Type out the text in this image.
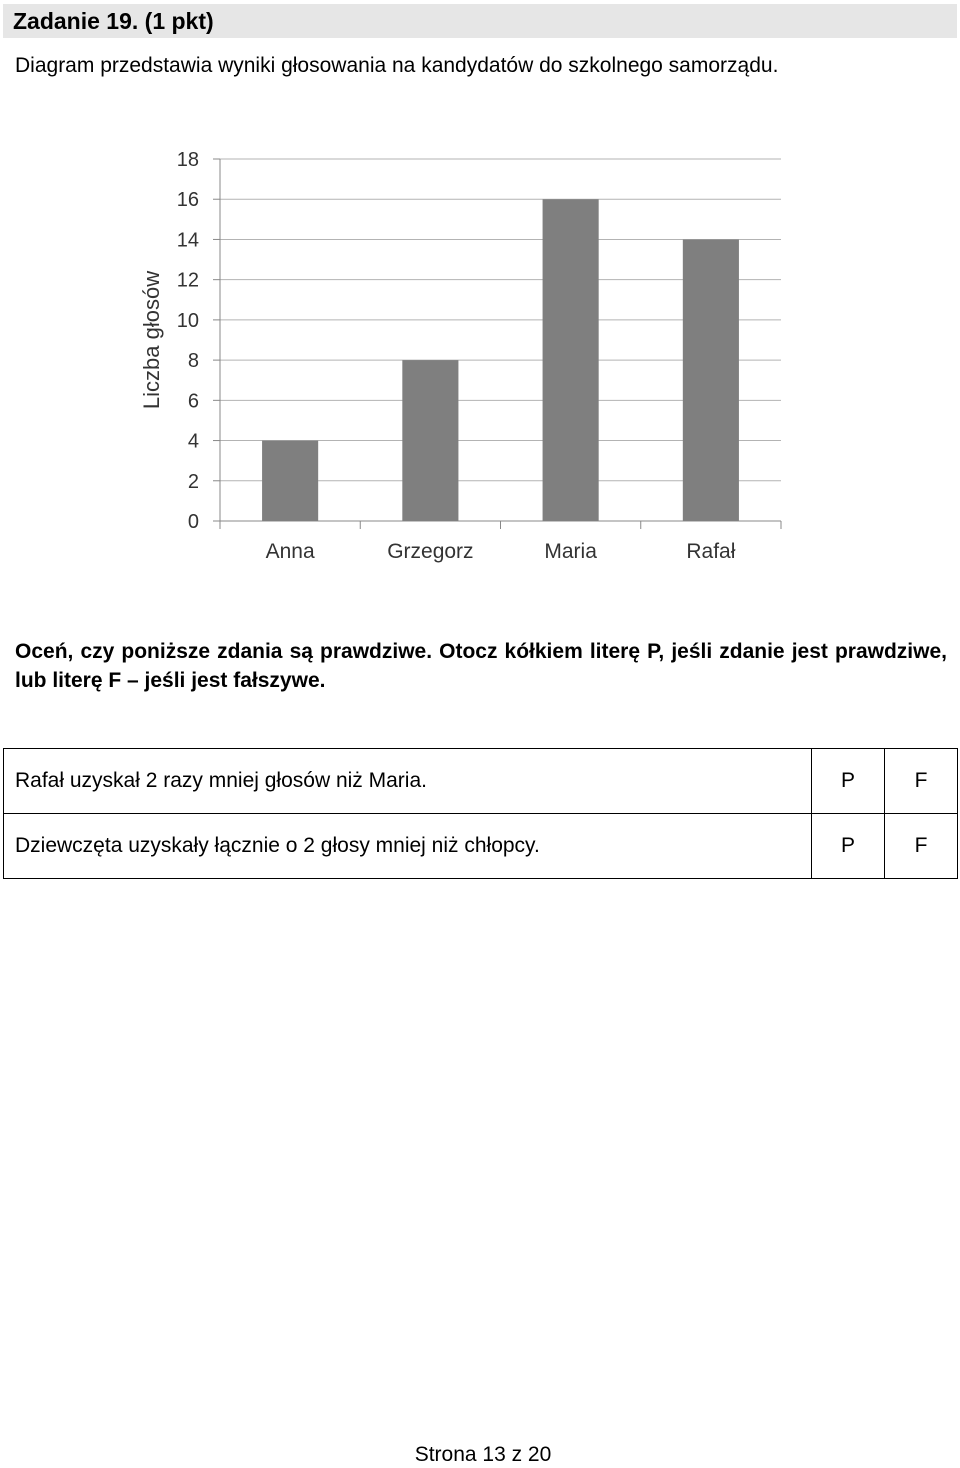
Zadanie 19. (1 pkt)
Diagram przedstawia wyniki głosowania na kandydatów do szkolnego samorządu.
0
2
4
6
8
10
12
14
16
18
Anna	Grzegorz	Maria	Rafał
Liczba głosów
Oceń, czy poniższe zdania są prawdziwe. Otocz kółkiem literę P, jeśli zdanie jest prawdziwe, lub literę F – jeśli jest fałszywe.
Rafał uzyskał 2 razy mniej głosów niż Maria.	P	F
Dziewczęta uzyskały łącznie o 2 głosy mniej niż chłopcy.	P	F
Strona 13 z 20
